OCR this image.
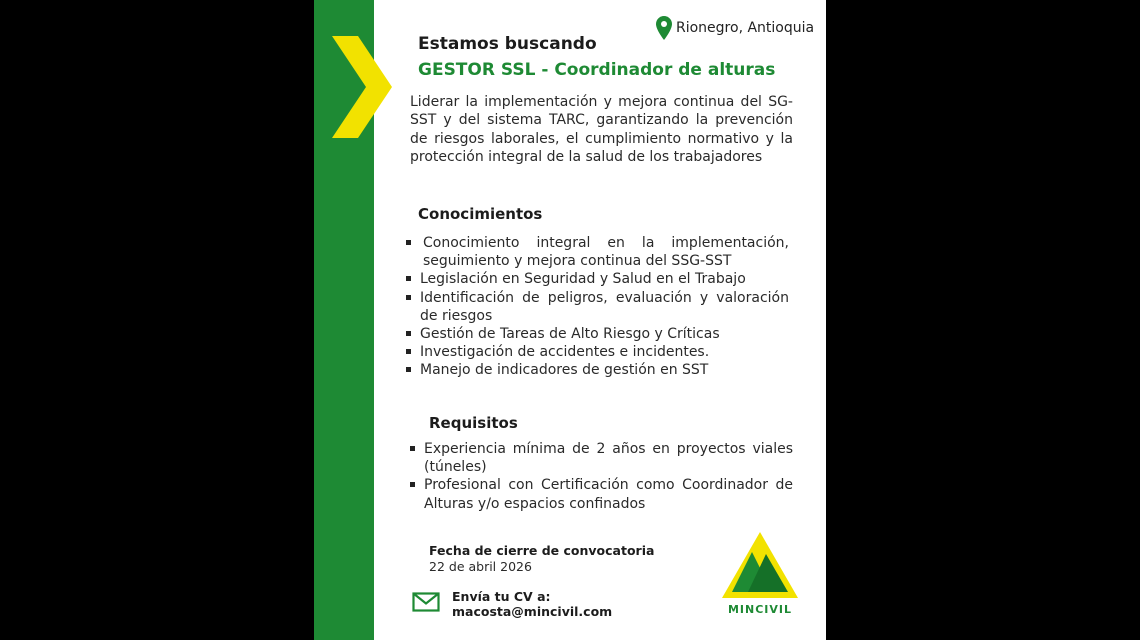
Rionegro, Antioquia
Estamos buscando
GESTOR SSL - Coordinador de alturas

Liderar la implementación y mejora continua del SG-SST y del sistema TARC, garantizando la prevención de riesgos laborales, el cumplimiento normativo y la protección integral de la salud de los trabajadores

Conocimientos
Conocimiento integral en la implementación, seguimiento y mejora continua del SSG-SST
Legislación en Seguridad y Salud en el Trabajo
Identificación de peligros, evaluación y valoración de riesgos
Gestión de Tareas de Alto Riesgo y Críticas
Investigación de accidentes e incidentes.
Manejo de indicadores de gestión en SST
Requisitos
Experiencia mínima de 2 años en proyectos viales (túneles)
Profesional con Certificación como Coordinador de Alturas y/o espacios confinados
Fecha de cierre de convocatoria
22 de abril 2026
Envía tu CV a:
macosta@mincivil.com	MINCIVIL
